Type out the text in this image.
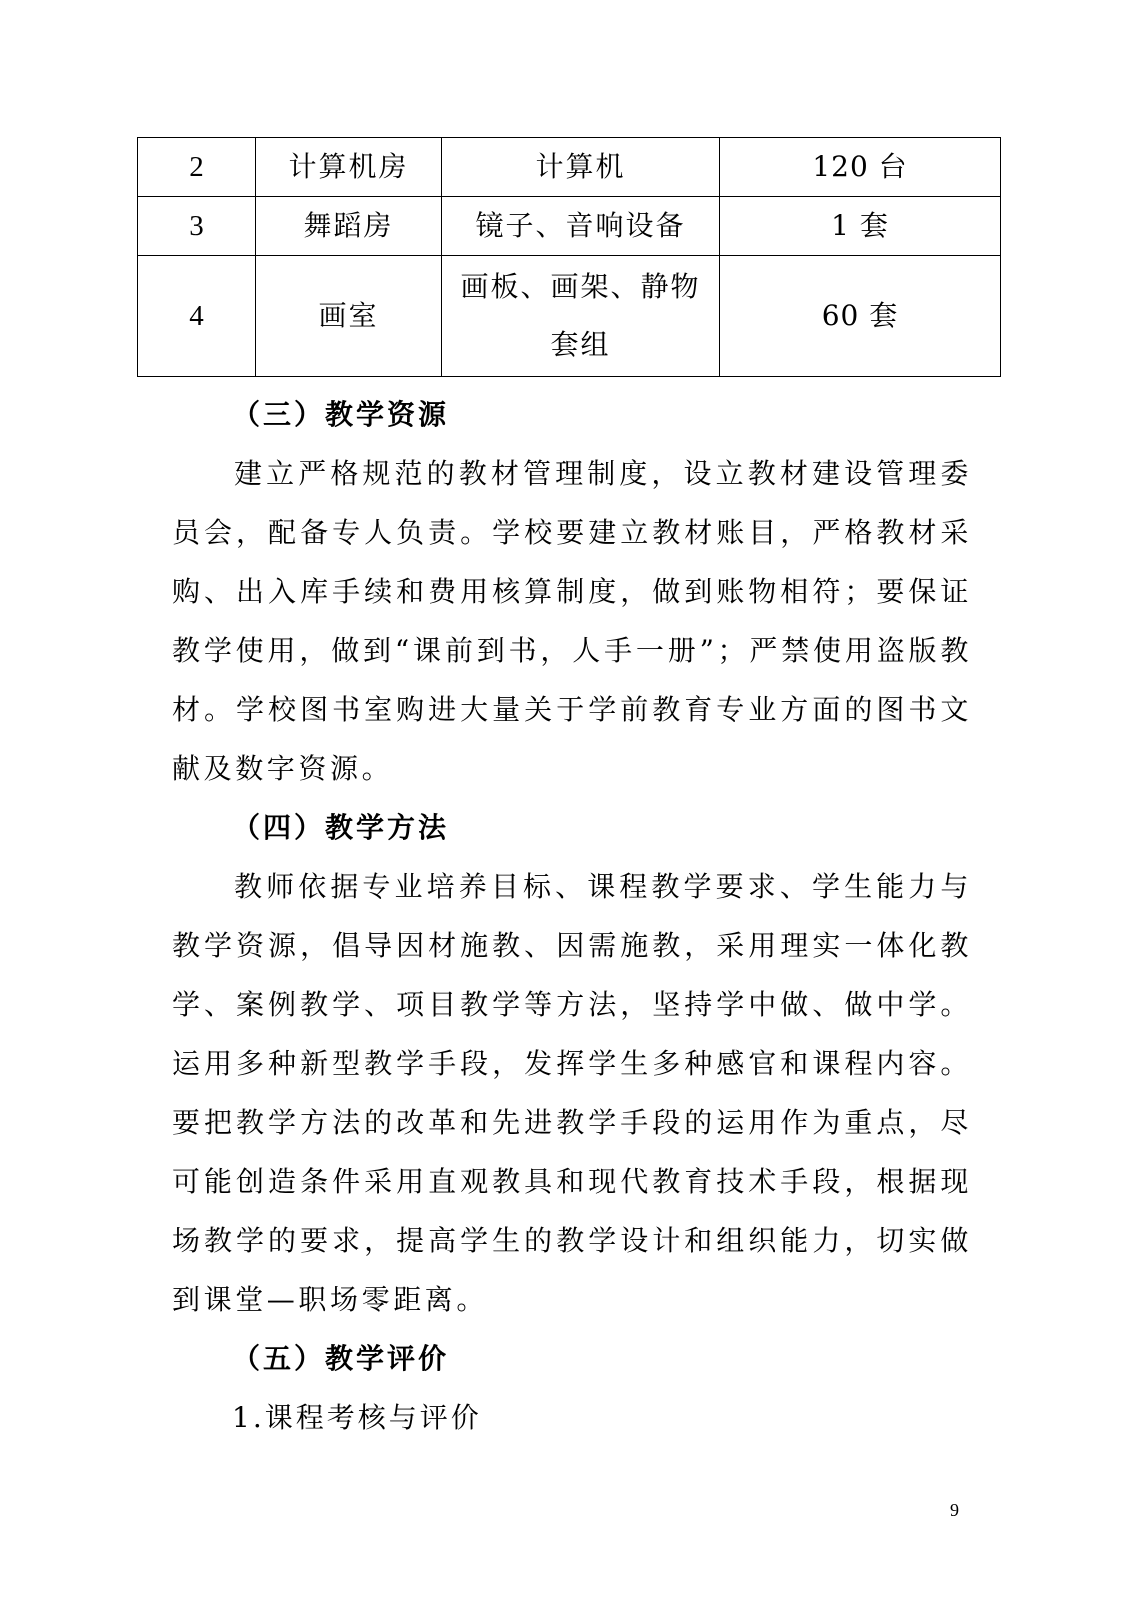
2	计算机房	计算机	120 台
3	舞蹈房	镜子、音响设备	1 套
4	画室	画板、画架、静物套组	60 套

（三）教学资源

建立严格规范的教材管理制度，设立教材建设管理委员会，配备专人负责。学校要建立教材账目，严格教材采购、出入库手续和费用核算制度，做到账物相符；要保证教学使用，做到“课前到书，人手一册”；严禁使用盗版教材。学校图书室购进大量关于学前教育专业方面的图书文献及数字资源。

（四）教学方法

教师依据专业培养目标、课程教学要求、学生能力与教学资源，倡导因材施教、因需施教，采用理实一体化教学、案例教学、项目教学等方法，坚持学中做、做中学。运用多种新型教学手段，发挥学生多种感官和课程内容。要把教学方法的改革和先进教学手段的运用作为重点，尽可能创造条件采用直观教具和现代教育技术手段，根据现场教学的要求，提高学生的教学设计和组织能力，切实做到课堂—职场零距离。

（五）教学评价

1.课程考核与评价

9
